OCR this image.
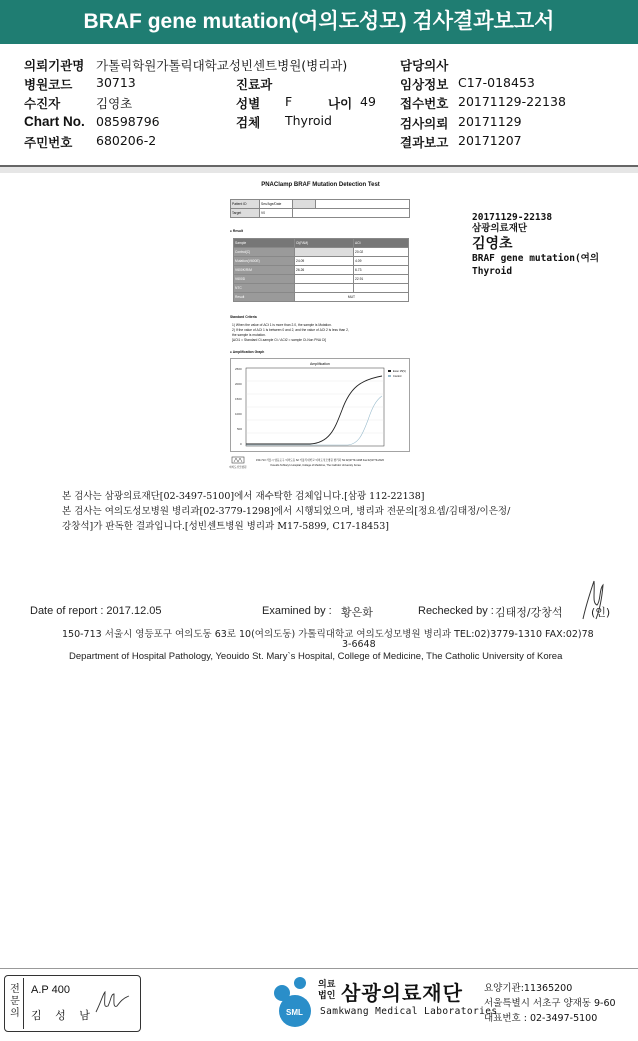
BRAF gene mutation(여의도성모) 검사결과보고서
의뢰기관명 가톨릭학원가톨릭대학교성빈센트병원(병리과)
병원코드 30713
수진자	김영초
Chart No. 08598796
주민번호 680206-2
진료과
성별 F	나이 49
검체 Thyroid
담당의사
임상정보 C17-018453
접수번호 20171129-22138
검사의뢰 20171129
결과보고 20171207
PNAClamp BRAF Mutation Detection Test
Patient ID	Sex/Age/Date		
Target	V0		
● Result
Sample	Ct(FAM)	ΔCt
Control(C)		20.02
Mutation(V600E)	24.09	4.09
V600K/R/M	26.26	6.73
V600D		22.91
NTC		
Result	MUT	
Standard Criteria
1) When the value of ΔCt 1 is more than 2.0, the sample is Mutation.
2) If the value of ΔCt 1 is between 0 and 2, and the value of ΔCt 2 is less than 2,
the sample is mutation.
[ΔCt1 = Standard Ct-sample Ct / ΔCt2 = sample Ct-Non PNA Ct]
● Amplification Graph
Amplification
2500
2000
1500
1000
500
0
Exon 15(V)
Control
여의도성모병원
150-713 서울시 영등포구 여의도동 62 가톨릭대학교 여의도성모병원 병리과 Tel:02)3779-1298 Fax:02)3779-2026
Yeouido St.Mary's Hospital, College of Medicine, The Catholic University Korea
20171129-22138
삼광의료재단
김영초
BRAF gene mutation(여의
Thyroid
본 검사는 삼광의료재단[02-3497-5100]에서 재수탁한 검체입니다.[삼광 112-22138]
본 검사는 여의도성모병원 병리과[02-3779-1298]에서 시행되었으며, 병리과 전문의[정요셉/김태정/이은정/
강창석]가 판독한 결과입니다.[성빈센트병원 병리과 M17-5899, C17-18453]
Date of report : 2017.12.05	Examined by : 황은화	Rechecked by : 김태정/강창석	(인)
150-713 서울시 영등포구 여의도동 63로 10(여의도동) 가톨릭대학교 여의도성모병원 병리과 TEL:02)3779-1310 FAX:02)78
3-6648
Department of Hospital Pathology, Yeouido St. Mary`s Hospital, College of Medicine, The Catholic University of Korea
전
문
의
A.P 400
김 성 남	SML
의료
법인 삼광의료재단
Samkwang Medical Laboratories
요양기관:11365200
서울특별시 서초구 양재동 9-60
대표번호 : 02-3497-5100
